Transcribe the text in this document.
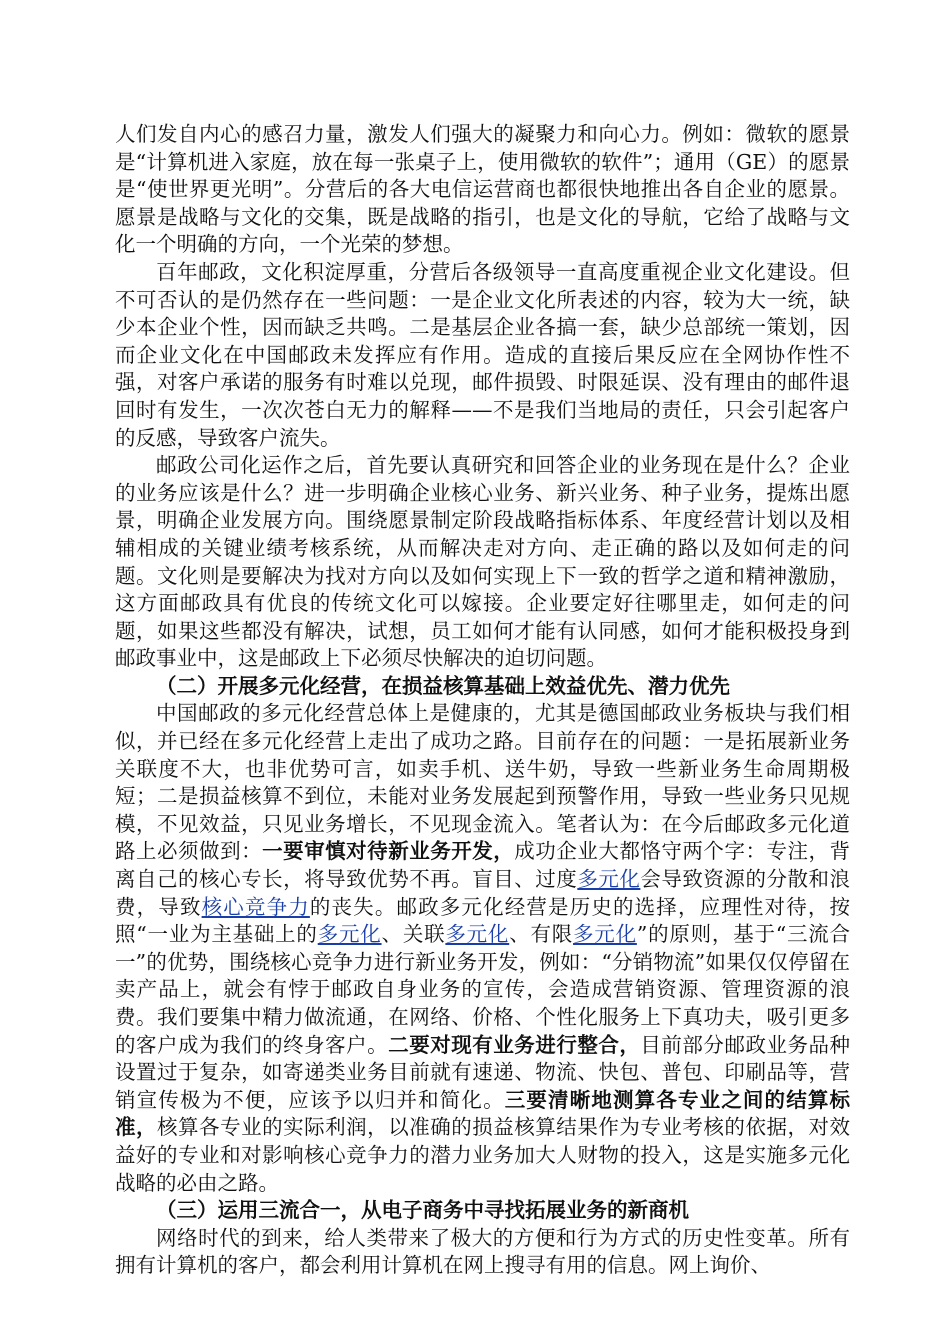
人们发自内心的感召力量，激发人们强大的凝聚力和向心力。例如：微软的愿景是“计算机进入家庭，放在每一张桌子上，使用微软的软件”；通用（GE）的愿景是“使世界更光明”。分营后的各大电信运营商也都很快地推出各自企业的愿景。愿景是战略与文化的交集，既是战略的指引，也是文化的导航，它给了战略与文化一个明确的方向，一个光荣的梦想。

百年邮政，文化积淀厚重，分营后各级领导一直高度重视企业文化建设。但不可否认的是仍然存在一些问题：一是企业文化所表述的内容，较为大一统，缺少本企业个性，因而缺乏共鸣。二是基层企业各搞一套，缺少总部统一策划，因而企业文化在中国邮政未发挥应有作用。造成的直接后果反应在全网协作性不强，对客户承诺的服务有时难以兑现，邮件损毁、时限延误、没有理由的邮件退回时有发生，一次次苍白无力的解释——不是我们当地局的责任，只会引起客户的反感，导致客户流失。

邮政公司化运作之后，首先要认真研究和回答企业的业务现在是什么？企业的业务应该是什么？进一步明确企业核心业务、新兴业务、种子业务，提炼出愿景，明确企业发展方向。围绕愿景制定阶段战略指标体系、年度经营计划以及相辅相成的关键业绩考核系统，从而解决走对方向、走正确的路以及如何走的问题。文化则是要解决为找对方向以及如何实现上下一致的哲学之道和精神激励，这方面邮政具有优良的传统文化可以嫁接。企业要定好往哪里走，如何走的问题，如果这些都没有解决，试想，员工如何才能有认同感，如何才能积极投身到邮政事业中，这是邮政上下必须尽快解决的迫切问题。

（二）开展多元化经营，在损益核算基础上效益优先、潜力优先

中国邮政的多元化经营总体上是健康的，尤其是德国邮政业务板块与我们相似，并已经在多元化经营上走出了成功之路。目前存在的问题：一是拓展新业务关联度不大，也非优势可言，如卖手机、送牛奶，导致一些新业务生命周期极短；二是损益核算不到位，未能对业务发展起到预警作用，导致一些业务只见规模，不见效益，只见业务增长，不见现金流入。笔者认为：在今后邮政多元化道路上必须做到：一要审慎对待新业务开发，成功企业大都恪守两个字：专注，背离自己的核心专长，将导致优势不再。盲目、过度多元化会导致资源的分散和浪费，导致核心竞争力的丧失。邮政多元化经营是历史的选择，应理性对待，按照“一业为主基础上的多元化、关联多元化、有限多元化”的原则，基于“三流合一”的优势，围绕核心竞争力进行新业务开发，例如：“分销物流”如果仅仅停留在卖产品上，就会有悖于邮政自身业务的宣传，会造成营销资源、管理资源的浪费。我们要集中精力做流通，在网络、价格、个性化服务上下真功夫，吸引更多的客户成为我们的终身客户。二要对现有业务进行整合，目前部分邮政业务品种设置过于复杂，如寄递类业务目前就有速递、物流、快包、普包、印刷品等，营销宣传极为不便，应该予以归并和简化。三要清晰地测算各专业之间的结算标准，核算各专业的实际利润，以准确的损益核算结果作为专业考核的依据，对效益好的专业和对影响核心竞争力的潜力业务加大人财物的投入，这是实施多元化战略的必由之路。

（三）运用三流合一，从电子商务中寻找拓展业务的新商机

网络时代的到来，给人类带来了极大的方便和行为方式的历史性变革。所有拥有计算机的客户，都会利用计算机在网上搜寻有用的信息。网上询价、
